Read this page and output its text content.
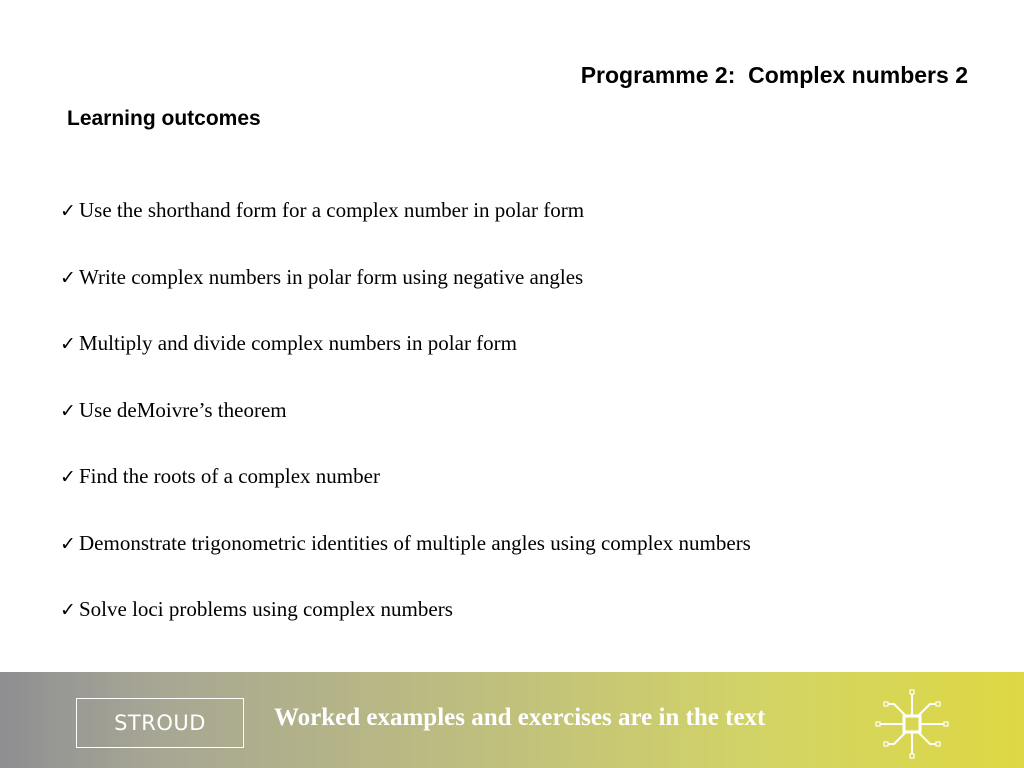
Programme 2:  Complex numbers 2
Learning outcomes
✓ Use the shorthand form for a complex number in polar form
✓ Write complex numbers in polar form using negative angles
✓ Multiply and divide complex numbers in polar form
✓ Use deMoivre’s theorem
✓ Find the roots of a complex number
✓ Demonstrate trigonometric identities of multiple angles using complex numbers
✓ Solve loci problems using complex numbers
STROUD	Worked examples and exercises are in the text
